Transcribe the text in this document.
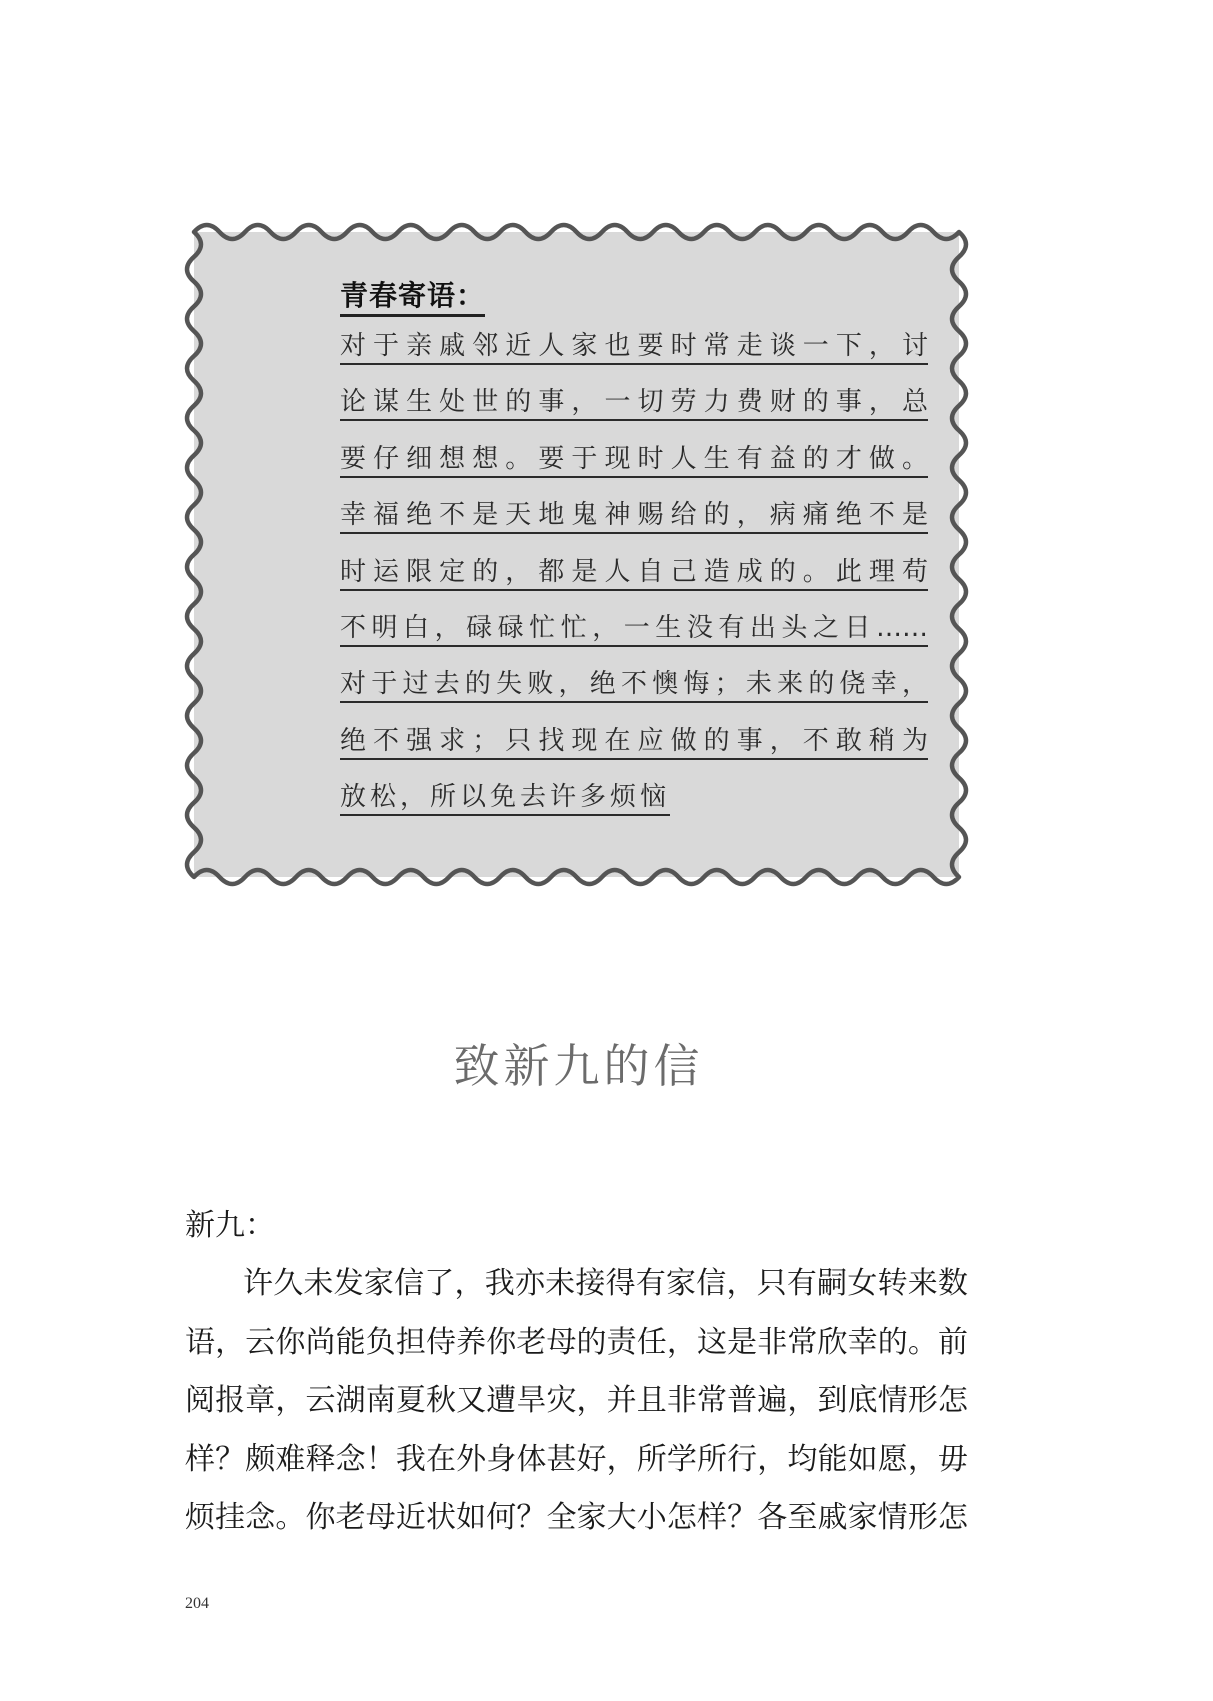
青春寄语：
对于亲戚邻近人家也要时常走谈一下，讨
论谋生处世的事，一切劳力费财的事，总
要仔细想想。要于现时人生有益的才做。
幸福绝不是天地鬼神赐给的，病痛绝不是
时运限定的，都是人自己造成的。此理苟
不明白，碌碌忙忙，一生没有出头之日……
对于过去的失败，绝不懊悔；未来的侥幸，
绝不强求；只找现在应做的事，不敢稍为
放松，所以免去许多烦恼
致新九的信
新九：
许久未发家信了，我亦未接得有家信，只有嗣女转来数
语，云你尚能负担侍养你老母的责任，这是非常欣幸的。前
阅报章，云湖南夏秋又遭旱灾，并且非常普遍，到底情形怎
样？颇难释念！我在外身体甚好，所学所行，均能如愿，毋
烦挂念。你老母近状如何？全家大小怎样？各至戚家情形怎
204
